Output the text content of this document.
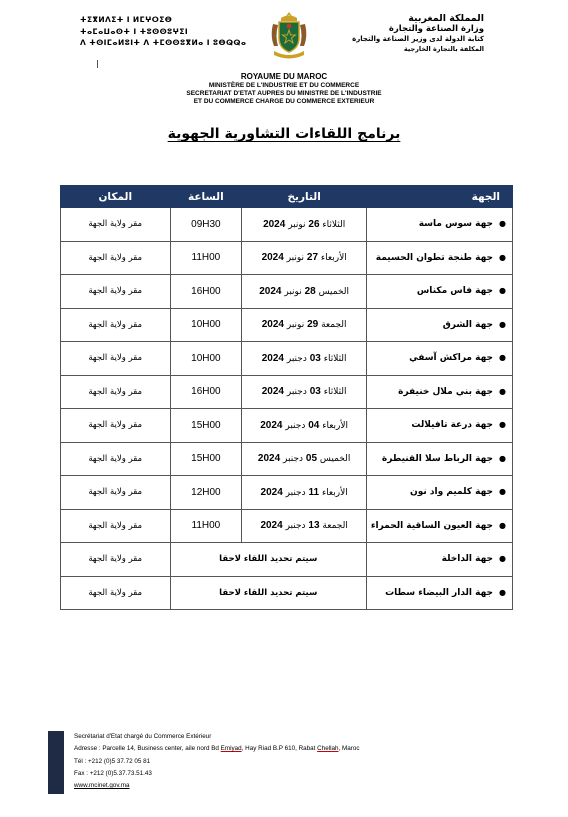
ⵜⵉⴳⵍⴷⵉⵜ ⵏ ⵍⵎⵖⵔⵉⴱ
ⵜⴰⵎⴰⵡⴰⵙⵜ ⵏ ⵜⵓⵙⵙⵓⵖⵉⵏ
ⴷ ⵜⵙⵏⵎⴰⵍⵓⵏⵜ ⴷ ⵜⵎⵙⵙⵓⴳⵍⴰ ⵏ ⵓⴱⵕⵕⴰ
المملكة المغربية
وزارة الصناعة والتجارة
كتابة الدولة لدى وزير الصناعة والتجارة
المكلفة بالتجارة الخارجية
ROYAUME DU MAROC
MINISTÈRE DE L'INDUSTRIE ET DU COMMERCE
SECRETARIAT D'ETAT AUPRES DU MINISTRE DE L'INDUSTRIE
ET DU COMMERCE CHARGE DU COMMERCE EXTERIEUR
برنامج اللقاءات التشاورية الجهوية
الجهة	التاريخ	الساعة	المكان
●جهة سوس ماسة	الثلاثاء 26 نونبر 2024	09H30	مقر ولاية الجهة
●جهة طنجة تطوان الحسيمة	الأربعاء 27 نونبر 2024	11H00	مقر ولاية الجهة
●جهة فاس مكناس	الخميس 28 نونبر 2024	16H00	مقر ولاية الجهة
●جهة الشرق	الجمعة 29 نونبر 2024	10H00	مقر ولاية الجهة
●جهة مراكش آسفي	الثلاثاء 03 دجنبر 2024	10H00	مقر ولاية الجهة
●جهة بني ملال خنيفرة	الثلاثاء 03 دجنبر 2024	16H00	مقر ولاية الجهة
●جهة درعة تافيلالت	الأربعاء 04 دجنبر 2024	15H00	مقر ولاية الجهة
●جهة الرباط سلا القنيطرة	الخميس 05 دجنبر 2024	15H00	مقر ولاية الجهة
●جهة كلميم واد نون	الأربعاء 11 دجنبر 2024	12H00	مقر ولاية الجهة
●جهة العيون الساقية الحمراء	الجمعة 13 دجنبر 2024	11H00	مقر ولاية الجهة
●جهة الداخلة	سيتم تحديد اللقاء لاحقا		مقر ولاية الجهة
●جهة الدار البيضاء سطات	سيتم تحديد اللقاء لاحقا		مقر ولاية الجهة
Secrétariat d'Etat chargé du Commerce Extérieur
Adresse : Parcelle 14, Business center, aile nord Bd Emiyad, Hay Riad B.P 610, Rabat Chellah, Maroc
Tél : +212 (0)5 37.72 05 81
Fax : +212 (0)5.37.73.51.43
www.mcinet.gov.ma
